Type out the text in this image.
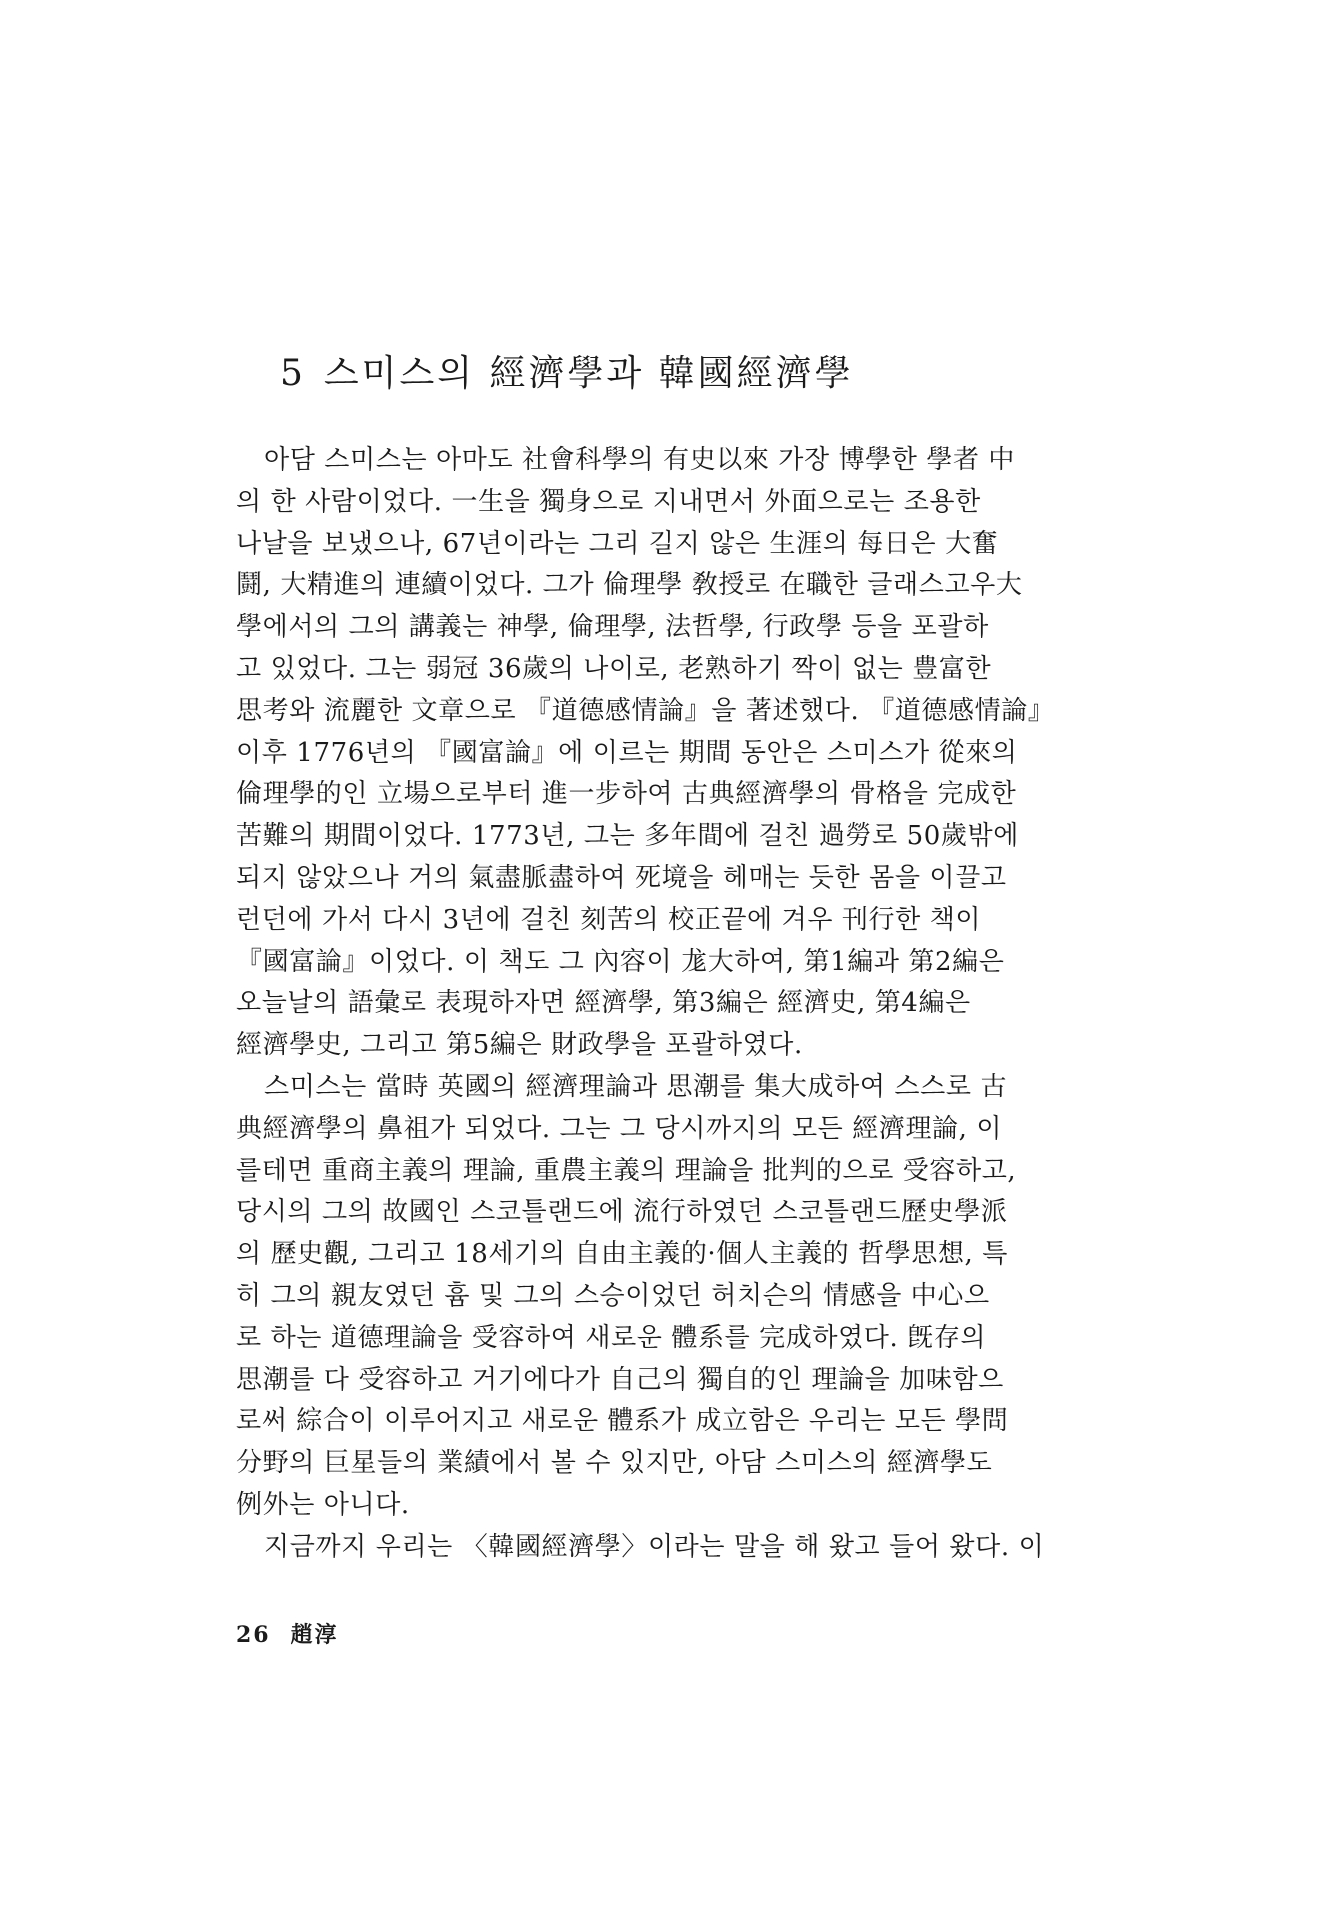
5 스미스의 經濟學과 韓國經濟學
아담 스미스는 아마도 社會科學의 有史以來 가장 博學한 學者 中
의 한 사람이었다. 一生을 獨身으로 지내면서 外面으로는 조용한
나날을 보냈으나, 67년이라는 그리 길지 않은 生涯의 每日은 大奮
鬪, 大精進의 連續이었다. 그가 倫理學 敎授로 在職한 글래스고우大
學에서의 그의 講義는 神學, 倫理學, 法哲學, 行政學 등을 포괄하
고 있었다. 그는 弱冠 36歲의 나이로, 老熟하기 짝이 없는 豊富한
思考와 流麗한 文章으로 『道德感情論』을 著述했다. 『道德感情論』
이후 1776년의 『國富論』에 이르는 期間 동안은 스미스가 從來의
倫理學的인 立場으로부터 進一步하여 古典經濟學의 骨格을 完成한
苦難의 期間이었다. 1773년, 그는 多年間에 걸친 過勞로 50歲밖에
되지 않았으나 거의 氣盡脈盡하여 死境을 헤매는 듯한 몸을 이끌고
런던에 가서 다시 3년에 걸친 刻苦의 校正끝에 겨우 刊行한 책이
『國富論』이었다. 이 책도 그 內容이 尨大하여, 第1編과 第2編은
오늘날의 語彙로 表現하자면 經濟學, 第3編은 經濟史, 第4編은
經濟學史, 그리고 第5編은 財政學을 포괄하였다.
스미스는 當時 英國의 經濟理論과 思潮를 集大成하여 스스로 古
典經濟學의 鼻祖가 되었다. 그는 그 당시까지의 모든 經濟理論, 이
를테면 重商主義의 理論, 重農主義의 理論을 批判的으로 受容하고,
당시의 그의 故國인 스코틀랜드에 流行하였던 스코틀랜드歷史學派
의 歷史觀, 그리고 18세기의 自由主義的·個人主義的 哲學思想, 특
히 그의 親友였던 흄 및 그의 스승이었던 허치슨의 情感을 中心으
로 하는 道德理論을 受容하여 새로운 體系를 完成하였다. 旣存의
思潮를 다 受容하고 거기에다가 自己의 獨自的인 理論을 加味함으
로써 綜合이 이루어지고 새로운 體系가 成立함은 우리는 모든 學問
分野의 巨星들의 業績에서 볼 수 있지만, 아담 스미스의 經濟學도
例外는 아니다.
지금까지 우리는 〈韓國經濟學〉이라는 말을 해 왔고 들어 왔다. 이
26 趙淳
